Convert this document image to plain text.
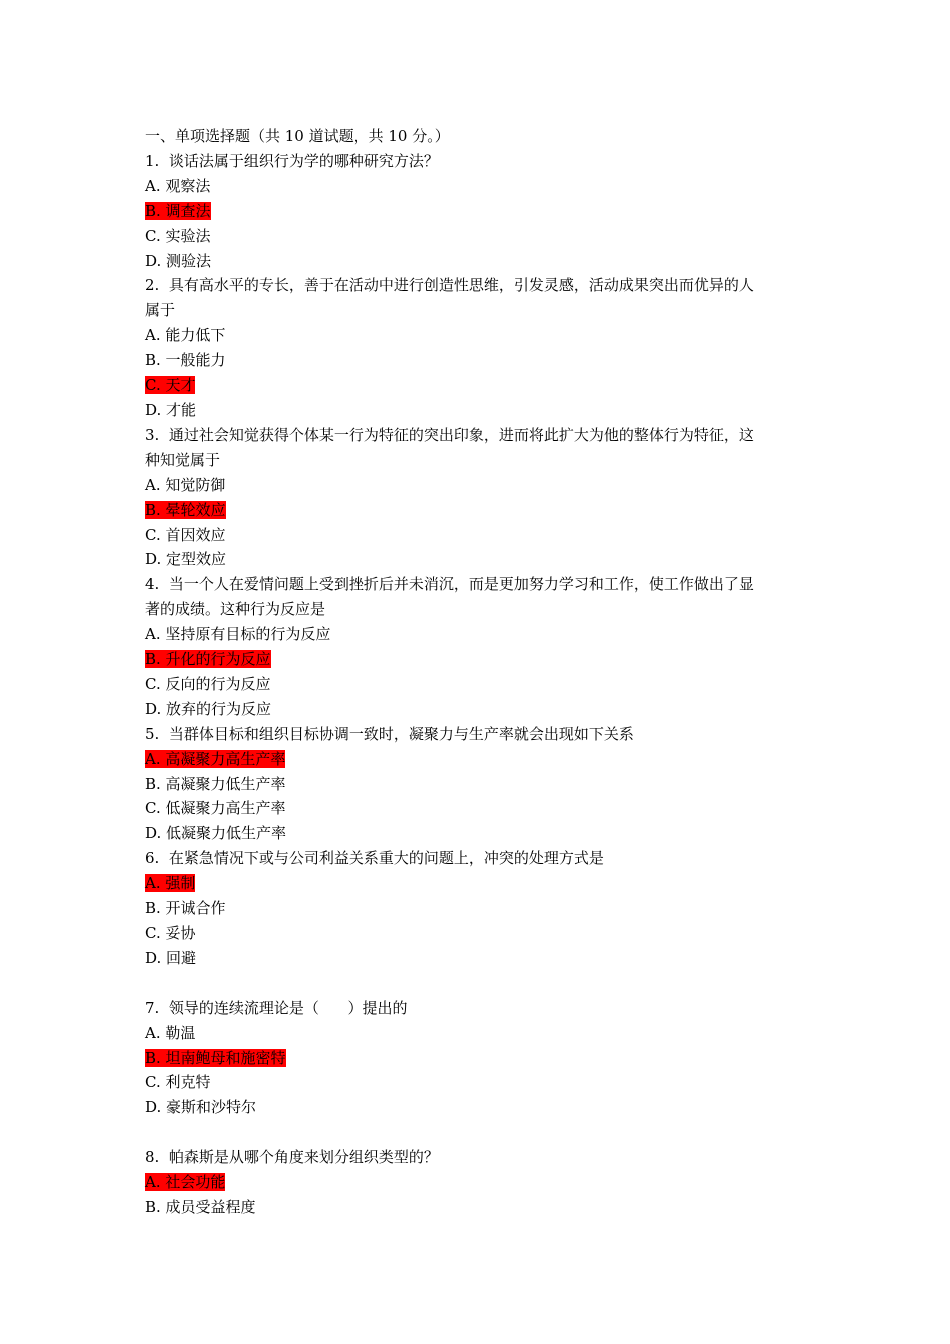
一、单项选择题（共 10 道试题，共 10 分。）

1.  谈话法属于组织行为学的哪种研究方法？

A. 观察法

B. 调查法

C. 实验法

D. 测验法

2.  具有高水平的专长，善于在活动中进行创造性思维，引发灵感，活动成果突出而优异的人

属于

A. 能力低下

B. 一般能力

C. 天才

D. 才能

3.  通过社会知觉获得个体某一行为特征的突出印象，进而将此扩大为他的整体行为特征，这

种知觉属于

A. 知觉防御

B. 晕轮效应

C. 首因效应

D. 定型效应

4.  当一个人在爱情问题上受到挫折后并未消沉，而是更加努力学习和工作，使工作做出了显

著的成绩。这种行为反应是

A. 坚持原有目标的行为反应

B. 升化的行为反应

C. 反向的行为反应

D. 放弃的行为反应

5.  当群体目标和组织目标协调一致时，凝聚力与生产率就会出现如下关系

A. 高凝聚力高生产率

B. 高凝聚力低生产率

C. 低凝聚力高生产率

D. 低凝聚力低生产率

6.  在紧急情况下或与公司利益关系重大的问题上，冲突的处理方式是

A. 强制

B. 开诚合作

C. 妥协

D. 回避

7.  领导的连续流理论是（      ）提出的

A. 勒温

B. 坦南鲍母和施密特

C. 利克特

D. 豪斯和沙特尔

8.  帕森斯是从哪个角度来划分组织类型的？

A. 社会功能

B. 成员受益程度
